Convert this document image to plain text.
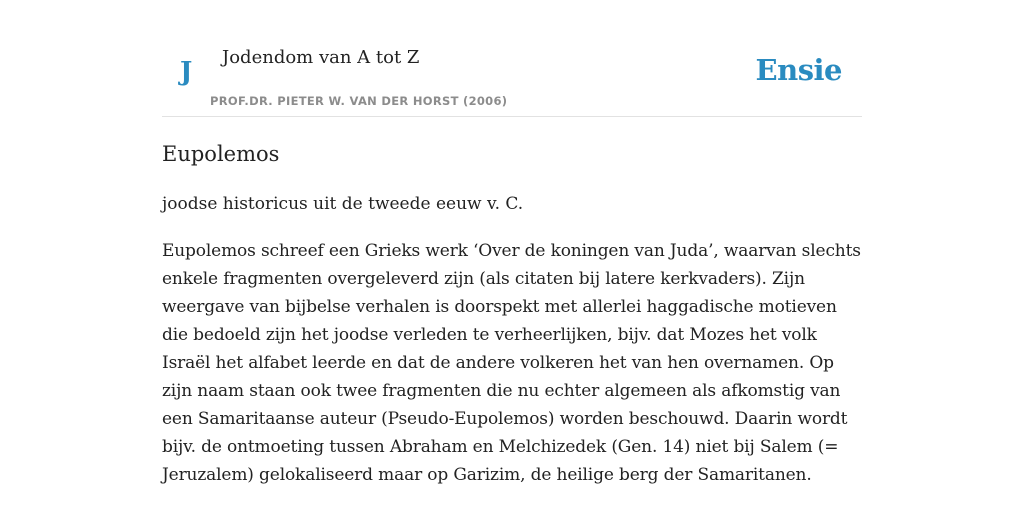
J Jodendom van A tot Z
PROF.DR. PIETER W. VAN DER HORST (2006)
Ensie
Eupolemos

joodse historicus uit de tweede eeuw v. C.

Eupolemos schreef een Grieks werk ‘Over de koningen van Juda’, waarvan slechts enkele fragmenten overgeleverd zijn (als citaten bij latere kerkvaders). Zijn weergave van bijbelse verhalen is doorspekt met allerlei haggadische motieven die bedoeld zijn het joodse verleden te verheerlijken, bijv. dat Mozes het volk Israël het alfabet leerde en dat de andere volkeren het van hen overnamen. Op zijn naam staan ook twee fragmenten die nu echter algemeen als afkomstig van een Samaritaanse auteur (Pseudo-Eupolemos) worden beschouwd. Daarin wordt bijv. de ontmoeting tussen Abraham en Melchizedek (Gen. 14) niet bij Salem (= Jeruzalem) gelokaliseerd maar op Garizim, de heilige berg der Samaritanen.
